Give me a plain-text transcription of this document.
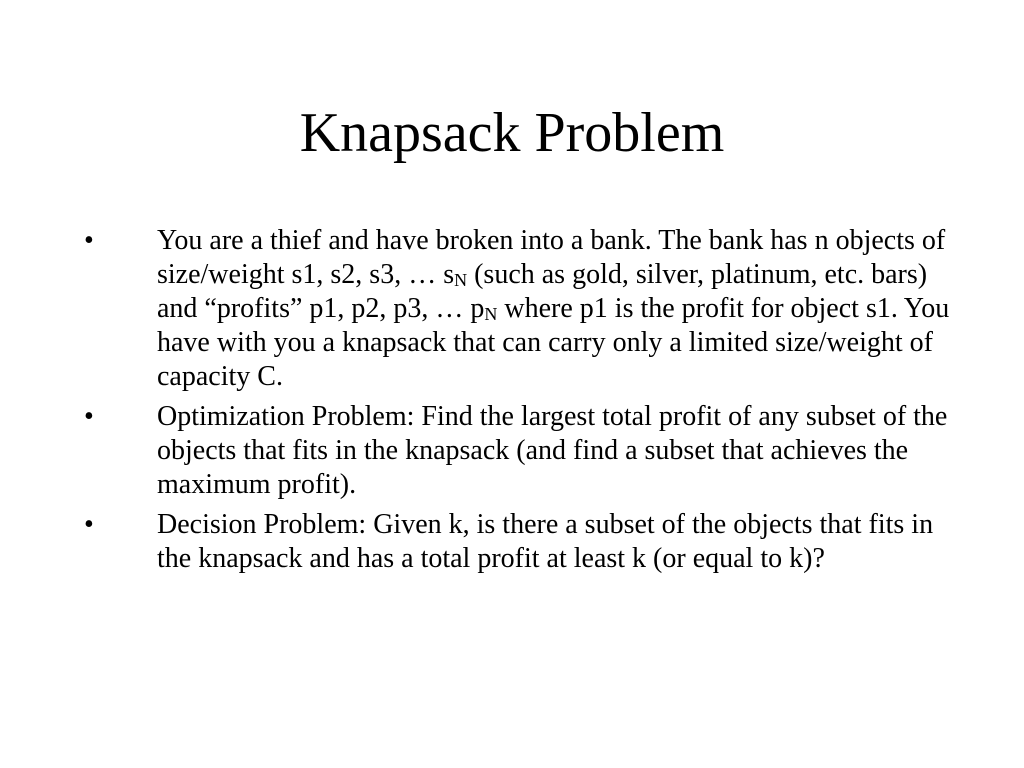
Knapsack Problem
•	You are a thief and have broken into a bank. The bank has n objects of size/weight s1, s2, s3, … $s_N$ (such as gold, silver, platinum, etc. bars) and “profits” p1, p2, p3, … $p_N$ where p1 is the profit for object s1. You have with you a knapsack that can carry only a limited size/weight of capacity C.
•	Optimization Problem: Find the largest total profit of any subset of the objects that fits in the knapsack (and find a subset that achieves the maximum profit).
•	Decision Problem: Given k, is there a subset of the objects that fits in the knapsack and has a total profit at least k (or equal to k)?
